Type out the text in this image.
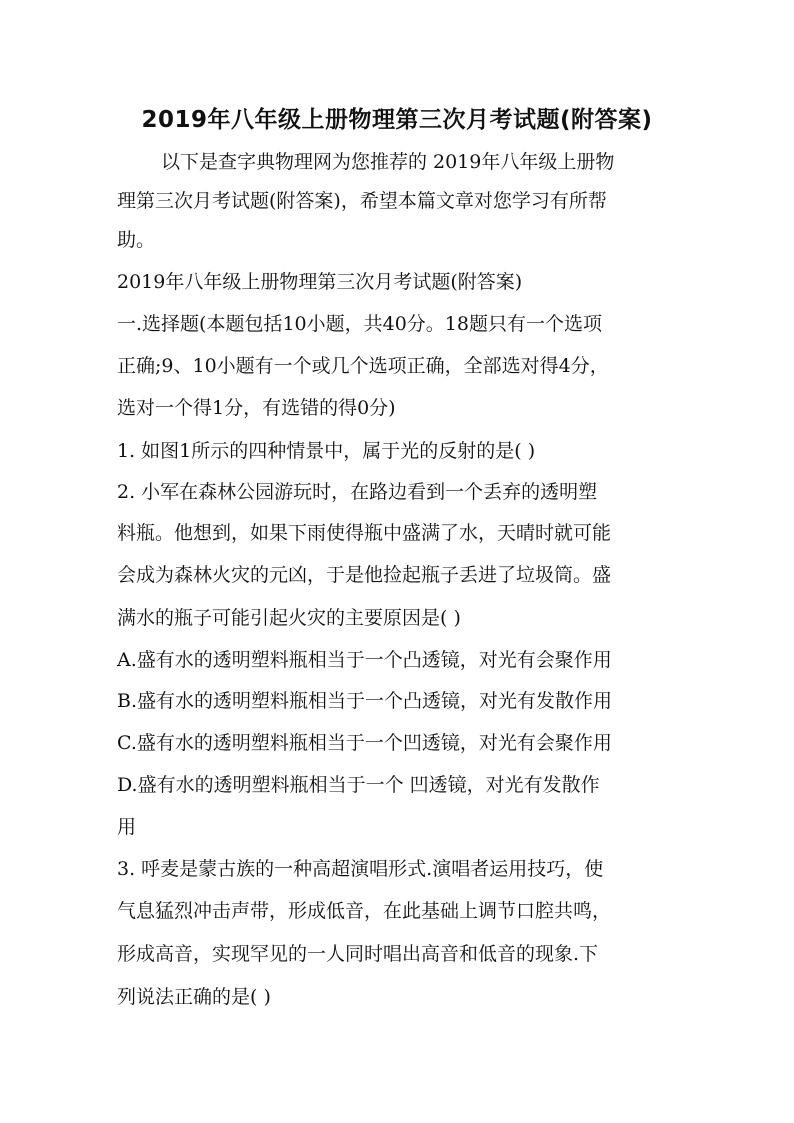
2019年八年级上册物理第三次月考试题(附答案)
以下是查字典物理网为您推荐的 2019年八年级上册物
理第三次月考试题(附答案)，希望本篇文章对您学习有所帮
助。
2019年八年级上册物理第三次月考试题(附答案)
一.选择题(本题包括10小题，共40分。18题只有一个选项
正确;9、10小题有一个或几个选项正确，全部选对得4分，
选对一个得1分，有选错的得0分)
1. 如图1所示的四种情景中，属于光的反射的是( )
2. 小军在森林公园游玩时，在路边看到一个丢弃的透明塑
料瓶。他想到，如果下雨使得瓶中盛满了水，天晴时就可能
会成为森林火灾的元凶，于是他捡起瓶子丢进了垃圾筒。盛
满水的瓶子可能引起火灾的主要原因是( )
A.盛有水的透明塑料瓶相当于一个凸透镜，对光有会聚作用
B.盛有水的透明塑料瓶相当于一个凸透镜，对光有发散作用
C.盛有水的透明塑料瓶相当于一个凹透镜，对光有会聚作用
D.盛有水的透明塑料瓶相当于一个 凹透镜，对光有发散作
用
3. 呼麦是蒙古族的一种高超演唱形式.演唱者运用技巧，使
气息猛烈冲击声带，形成低音，在此基础上调节口腔共鸣，
形成高音，实现罕见的一人同时唱出高音和低音的现象.下
列说法正确的是( )
